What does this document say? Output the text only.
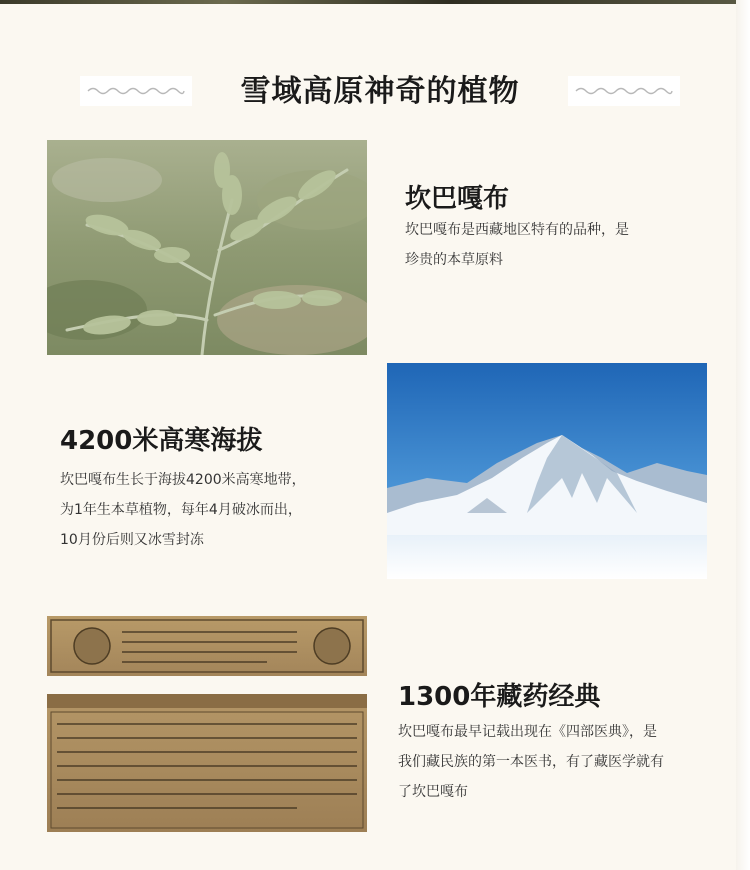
雪域高原神奇的植物
坎巴嘎布
坎巴嘎布是西藏地区特有的品种，是
珍贵的本草原料
4200米高寒海拔
坎巴嘎布生长于海拔4200米高寒地带，
为1年生本草植物，每年4月破冰而出，
10月份后则又冰雪封冻
1300年藏药经典
坎巴嘎布最早记载出现在《四部医典》，是
我们藏民族的第一本医书，有了藏医学就有
了坎巴嘎布
